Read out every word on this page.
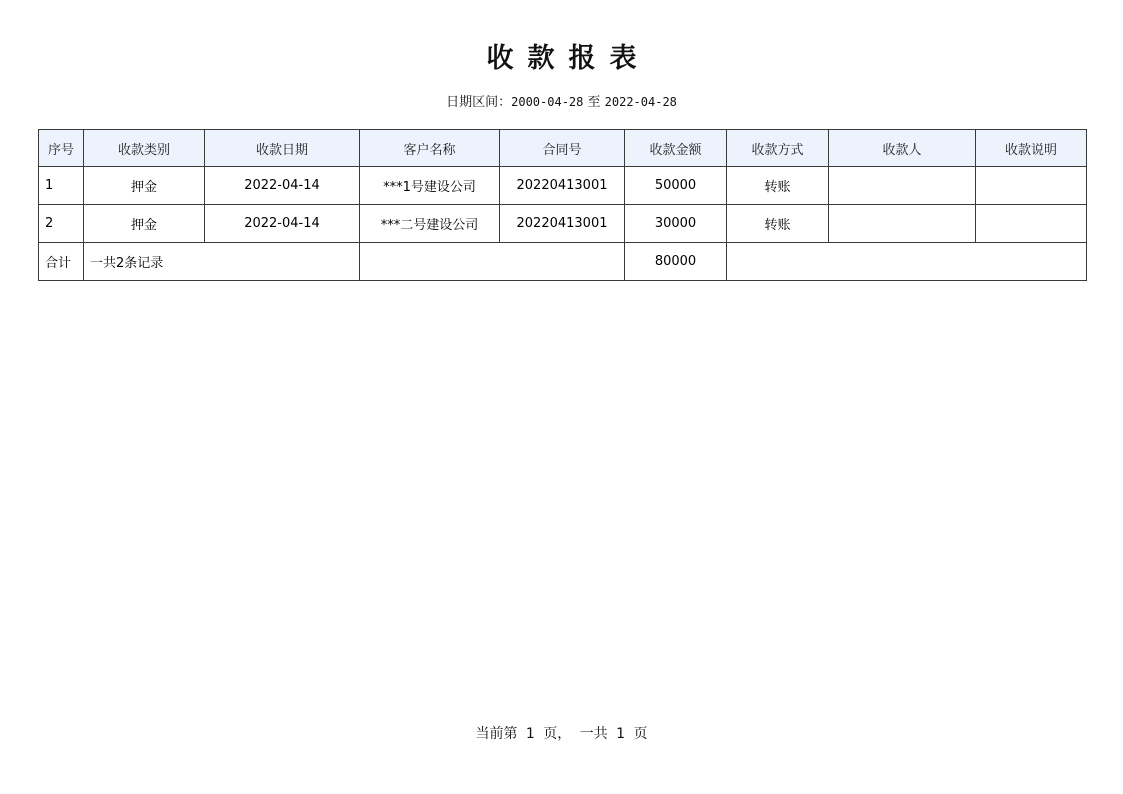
收款报表
日期区间：2000-04-28 至 2022-04-28
序号	收款类别	收款日期	客户名称	合同号	收款金额	收款方式	收款人	收款说明
1	押金	2022-04-14	***1号建设公司	20220413001	50000	转账		
2	押金	2022-04-14	***二号建设公司	20220413001	30000	转账		
合计	一共2条记录				80000			
当前第 1 页， 一共 1 页
